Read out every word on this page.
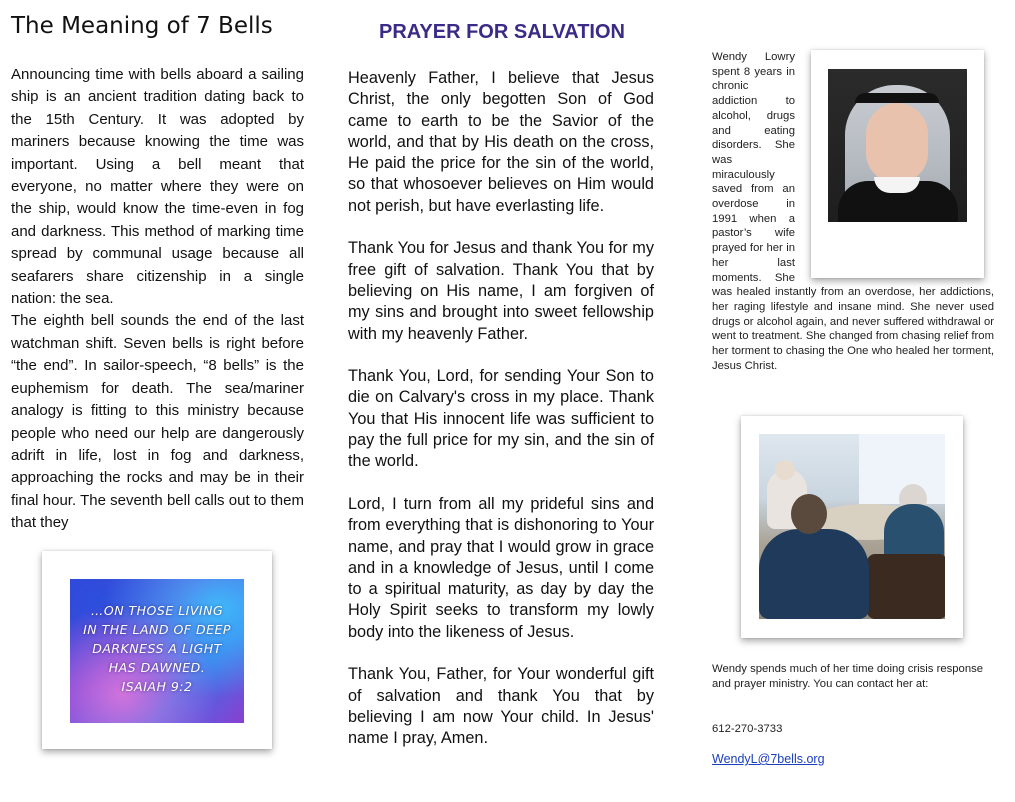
The Meaning of 7 Bells

Announcing time with bells aboard a sailing ship is an ancient tradition dating back to the 15th Century. It was adopted by mariners because knowing the time was important. Using a bell meant that everyone, no matter where they were on the ship, would know the time-even in fog and darkness. This method of marking time spread by communal usage because all seafarers share citizenship in a single nation: the sea.

The eighth bell sounds the end of the last watchman shift. Seven bells is right before “the end”. In sailor-speech, “8 bells” is the euphemism for death. The sea/mariner analogy is fitting to this ministry because people who need our help are dangerously adrift in life, lost in fog and darkness, approaching the rocks and may be in their final hour. The seventh bell calls out to them that they

…ON THOSE LIVING
IN THE LAND OF DEEP
DARKNESS A LIGHT
HAS DAWNED.
ISAIAH 9:2
PRAYER FOR SALVATION

Heavenly Father, I believe that Jesus Christ, the only begotten Son of God came to earth to be the Savior of the world, and that by His death on the cross, He paid the price for the sin of the world, so that whosoever believes on Him would not perish, but have everlasting life.

Thank You for Jesus and thank You for my free gift of salvation. Thank You that by believing on His name, I am forgiven of my sins and brought into sweet fellowship with my heavenly Father.

Thank You, Lord, for sending Your Son to die on Calvary's cross in my place. Thank You that His innocent life was sufficient to pay the full price for my sin, and the sin of the world.

Lord, I turn from all my prideful sins and from everything that is dishonoring to Your name, and pray that I would grow in grace and in a knowledge of Jesus, until I come to a spiritual maturity, as day by day the Holy Spirit seeks to transform my lowly body into the likeness of Jesus.

Thank You, Father, for Your wonderful gift of salvation and thank You that by believing I am now Your child. In Jesus' name I pray, Amen.

Wendy Lowry spent 8 years in chronic addiction to alcohol, drugs and eating disorders. She was miraculously saved from an overdose in 1991 when a pastor’s wife prayed for her in her last moments. She was healed instantly from an overdose, her addictions, her raging lifestyle and insane mind. She never used drugs or alcohol again, and never suffered withdrawal or went to treatment. She changed from chasing relief from her torment to chasing the One who healed her torment, Jesus Christ.

Wendy spends much of her time doing crisis response and prayer ministry. You can contact her at:

612-270-3733
WendyL@7bells.org
